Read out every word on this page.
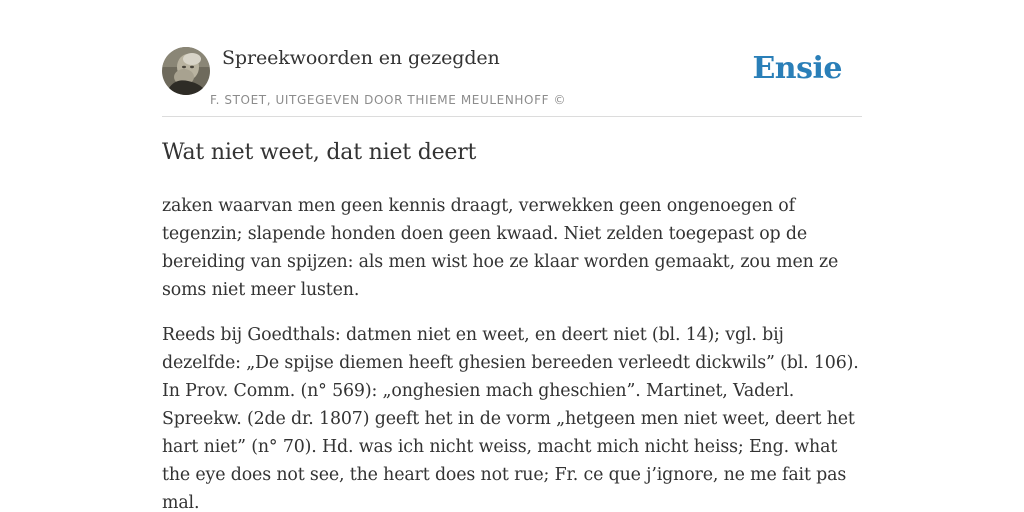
Spreekwoorden en gezegden
F. STOET, UITGEGEVEN DOOR THIEME MEULENHOFF ©
Ensie
Wat niet weet, dat niet deert

zaken waarvan men geen kennis draagt, verwekken geen ongenoegen of tegenzin; slapende honden doen geen kwaad. Niet zelden toegepast op de bereiding van spijzen: als men wist hoe ze klaar worden gemaakt, zou men ze soms niet meer lusten.

Reeds bij Goedthals: datmen niet en weet, en deert niet (bl. 14); vgl. bij dezelfde: „De spijse diemen heeft ghesien bereeden verleedt dickwils” (bl. 106). In Prov. Comm. (n° 569): „onghesien mach gheschien”. Martinet, Vaderl. Spreekw. (2de dr. 1807) geeft het in de vorm „hetgeen men niet weet, deert het hart niet” (n° 70). Hd. was ich nicht weiss, macht mich nicht heiss; Eng. what the eye does not see, the heart does not rue; Fr. ce que j’ignore, ne me fait pas mal.
